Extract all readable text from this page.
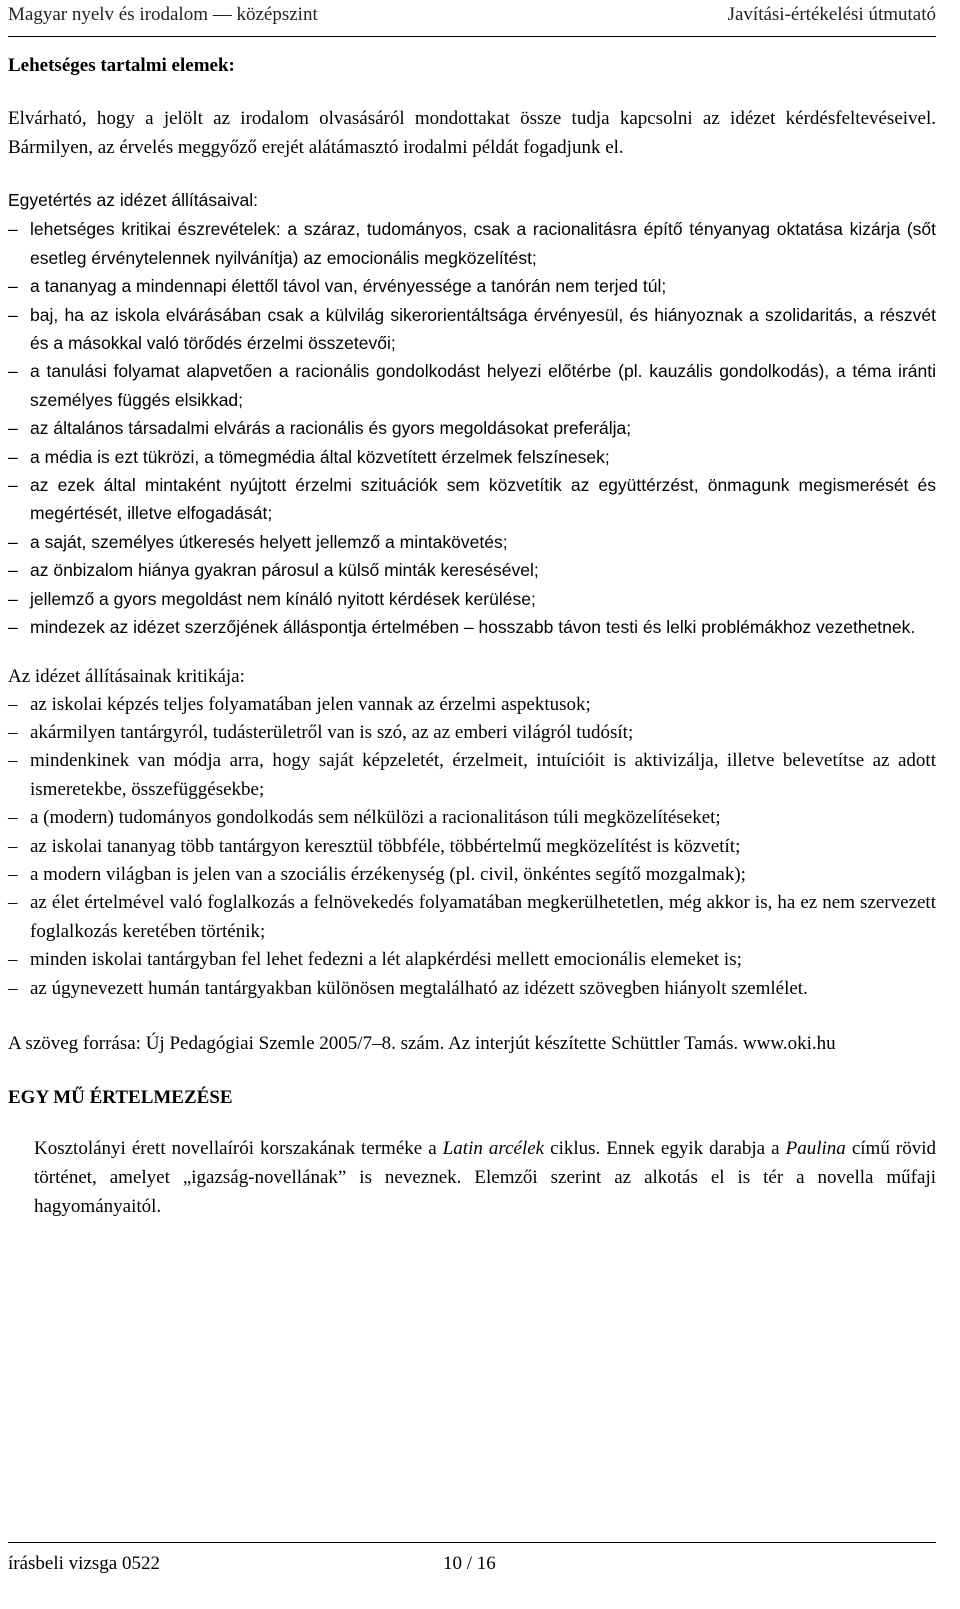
Magyar nyelv és irodalom — középszint	Javítási-értékelési útmutató
Lehetséges tartalmi elemek:

Elvárható, hogy a jelölt az irodalom olvasásáról mondottakat össze tudja kapcsolni az idézet kérdésfeltevéseivel. Bármilyen, az érvelés meggyőző erejét alátámasztó irodalmi példát fogadjunk el.

Egyetértés az idézet állításaival:
– lehetséges kritikai észrevételek: a száraz, tudományos, csak a racionalitásra építő tényanyag oktatása kizárja (sőt esetleg érvénytelennek nyilvánítja) az emocionális megközelítést;
– a tananyag a mindennapi élettől távol van, érvényessége a tanórán nem terjed túl;
– baj, ha az iskola elvárásában csak a külvilág sikerorientáltsága érvényesül, és hiányoznak a szolidaritás, a részvét és a másokkal való törődés érzelmi összetevői;
– a tanulási folyamat alapvetően a racionális gondolkodást helyezi előtérbe (pl. kauzális gondolkodás), a téma iránti személyes függés elsikkad;
– az általános társadalmi elvárás a racionális és gyors megoldásokat preferálja;
– a média is ezt tükrözi, a tömegmédia által közvetített érzelmek felszínesek;
– az ezek által mintaként nyújtott érzelmi szituációk sem közvetítik az együttérzést, önmagunk megismerését és megértését, illetve elfogadását;
– a saját, személyes útkeresés helyett jellemző a mintakövetés;
– az önbizalom hiánya gyakran párosul a külső minták keresésével;
– jellemző a gyors megoldást nem kínáló nyitott kérdések kerülése;
– mindezek az idézet szerzőjének álláspontja értelmében – hosszabb távon testi és lelki problémákhoz vezethetnek.
Az idézet állításainak kritikája:
– az iskolai képzés teljes folyamatában jelen vannak az érzelmi aspektusok;
– akármilyen tantárgyról, tudásterületről van is szó, az az emberi világról tudósít;
– mindenkinek van módja arra, hogy saját képzeletét, érzelmeit, intuícióit is aktivizálja, illetve belevetítse az adott ismeretekbe, összefüggésekbe;
– a (modern) tudományos gondolkodás sem nélkülözi a racionalitáson túli megközelítéseket;
– az iskolai tananyag több tantárgyon keresztül többféle, többértelmű megközelítést is közvetít;
– a modern világban is jelen van a szociális érzékenység (pl. civil, önkéntes segítő mozgalmak);
– az élet értelmével való foglalkozás a felnövekedés folyamatában megkerülhetetlen, még akkor is, ha ez nem szervezett foglalkozás keretében történik;
– minden iskolai tantárgyban fel lehet fedezni a lét alapkérdési mellett emocionális elemeket is;
– az úgynevezett humán tantárgyakban különösen megtalálható az idézett szövegben hiányolt szemlélet.

A szöveg forrása: Új Pedagógiai Szemle 2005/7–8. szám. Az interjút készítette Schüttler Tamás. www.oki.hu

EGY MŰ ÉRTELMEZÉSE

Kosztolányi érett novellaírói korszakának terméke a Latin arcélek ciklus. Ennek egyik darabja a Paulina című rövid történet, amelyet „igazság-novellának” is neveznek. Elemzői szerint az alkotás el is tér a novella műfaji hagyományaitól.

írásbeli vizsga 0522	10 / 16
